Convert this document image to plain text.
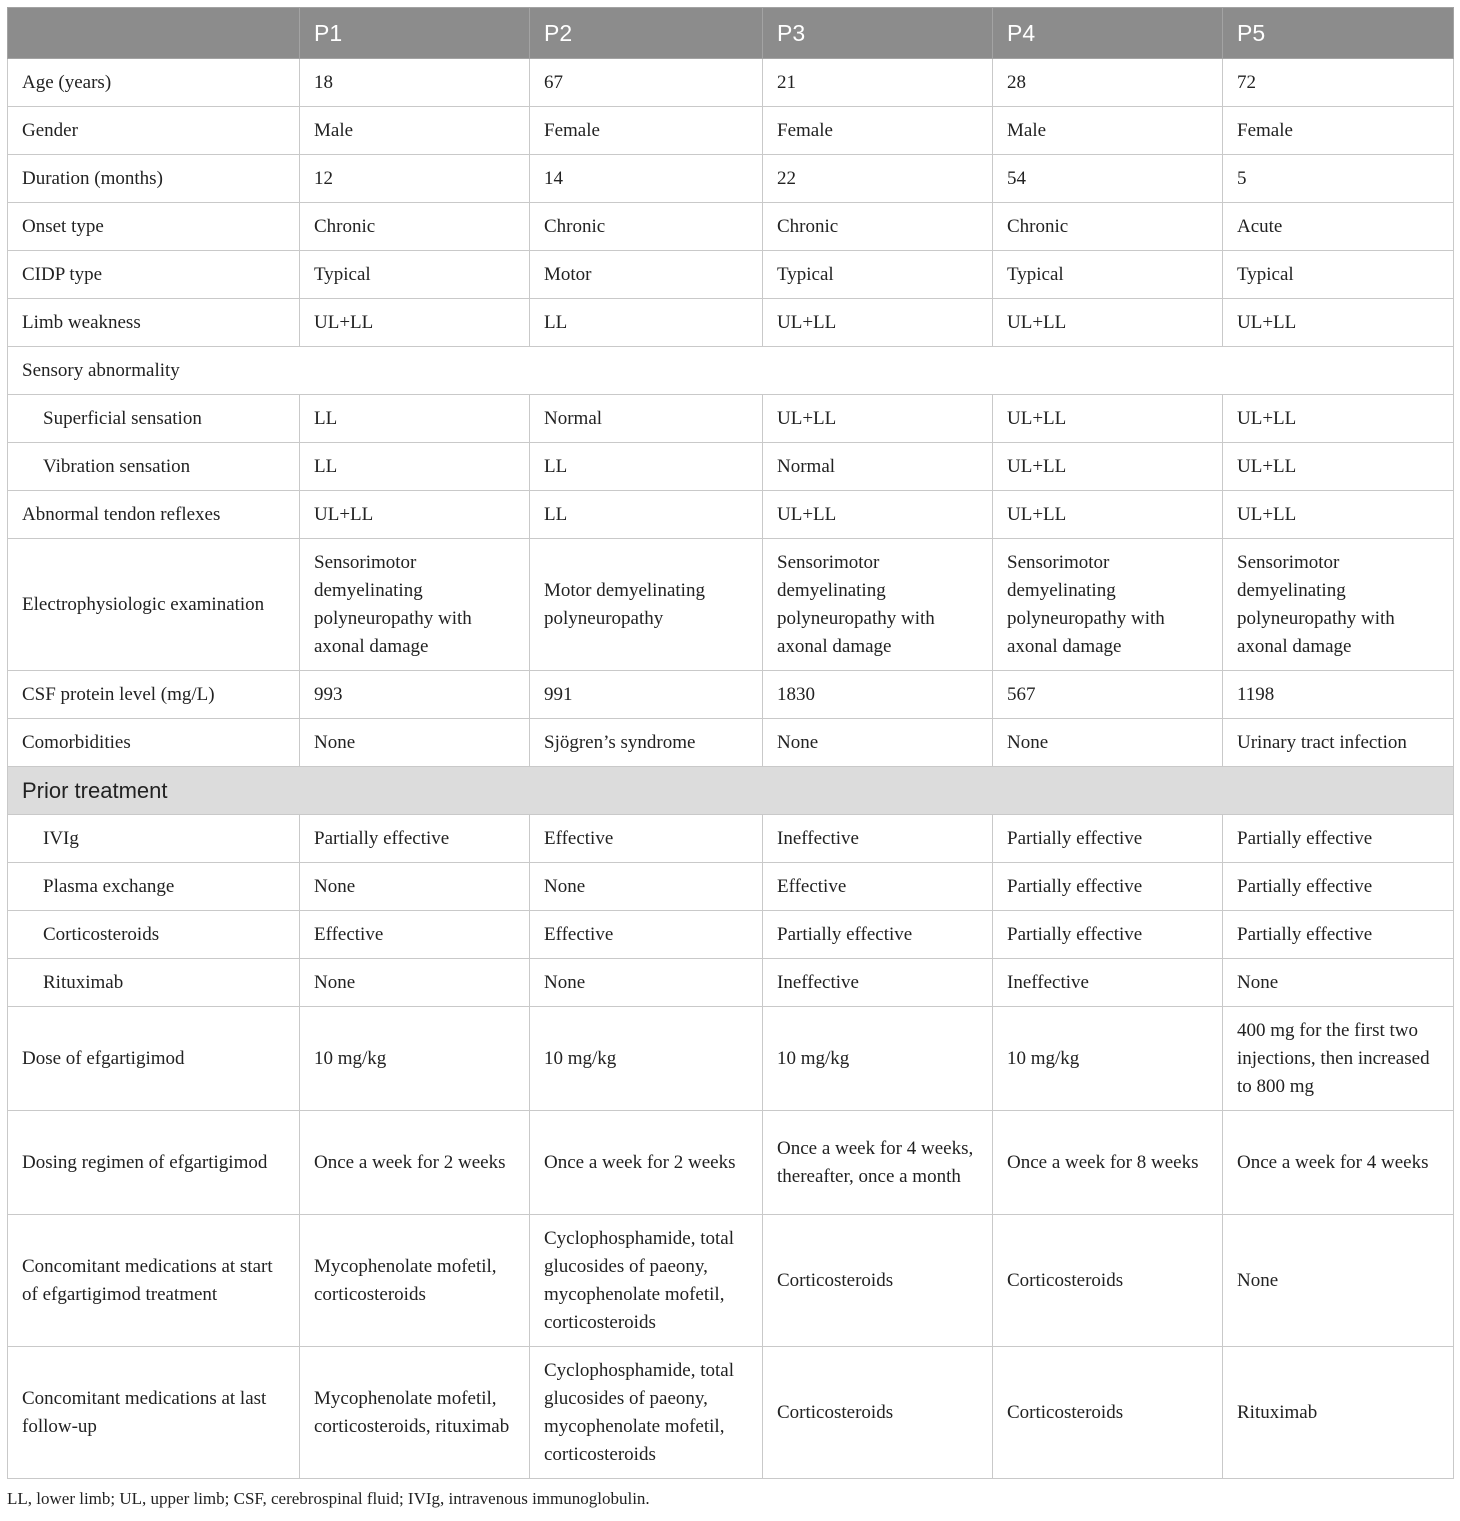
	P1	P2	P3	P4	P5
Age (years)	18	67	21	28	72
Gender	Male	Female	Female	Male	Female
Duration (months)	12	14	22	54	5
Onset type	Chronic	Chronic	Chronic	Chronic	Acute
CIDP type	Typical	Motor	Typical	Typical	Typical
Limb weakness	UL+LL	LL	UL+LL	UL+LL	UL+LL
Sensory abnormality					
Superficial sensation	LL	Normal	UL+LL	UL+LL	UL+LL
Vibration sensation	LL	LL	Normal	UL+LL	UL+LL
Abnormal tendon reflexes	UL+LL	LL	UL+LL	UL+LL	UL+LL
Electrophysiologic examination	Sensorimotor demyelinating polyneuropathy with axonal damage	Motor demyelinating polyneuropathy	Sensorimotor demyelinating polyneuropathy with axonal damage	Sensorimotor demyelinating polyneuropathy with axonal damage	Sensorimotor demyelinating polyneuropathy with axonal damage
CSF protein level (mg/L)	993	991	1830	567	1198
Comorbidities	None	Sjögren’s syndrome	None	None	Urinary tract infection
Prior treatment					
IVIg	Partially effective	Effective	Ineffective	Partially effective	Partially effective
Plasma exchange	None	None	Effective	Partially effective	Partially effective
Corticosteroids	Effective	Effective	Partially effective	Partially effective	Partially effective
Rituximab	None	None	Ineffective	Ineffective	None
Dose of efgartigimod	10 mg/kg	10 mg/kg	10 mg/kg	10 mg/kg	400 mg for the first two injections, then increased to 800 mg
Dosing regimen of efgartigimod	Once a week for 2 weeks	Once a week for 2 weeks	Once a week for 4 weeks, thereafter, once a month	Once a week for 8 weeks	Once a week for 4 weeks
Concomitant medications at start of efgartigimod treatment	Mycophenolate mofetil, corticosteroids	Cyclophosphamide, total glucosides of paeony, mycophenolate mofetil, corticosteroids	Corticosteroids	Corticosteroids	None
Concomitant medications at last follow-up	Mycophenolate mofetil, corticosteroids, rituximab	Cyclophosphamide, total glucosides of paeony, mycophenolate mofetil, corticosteroids	Corticosteroids	Corticosteroids	Rituximab
LL, lower limb; UL, upper limb; CSF, cerebrospinal fluid; IVIg, intravenous immunoglobulin.
